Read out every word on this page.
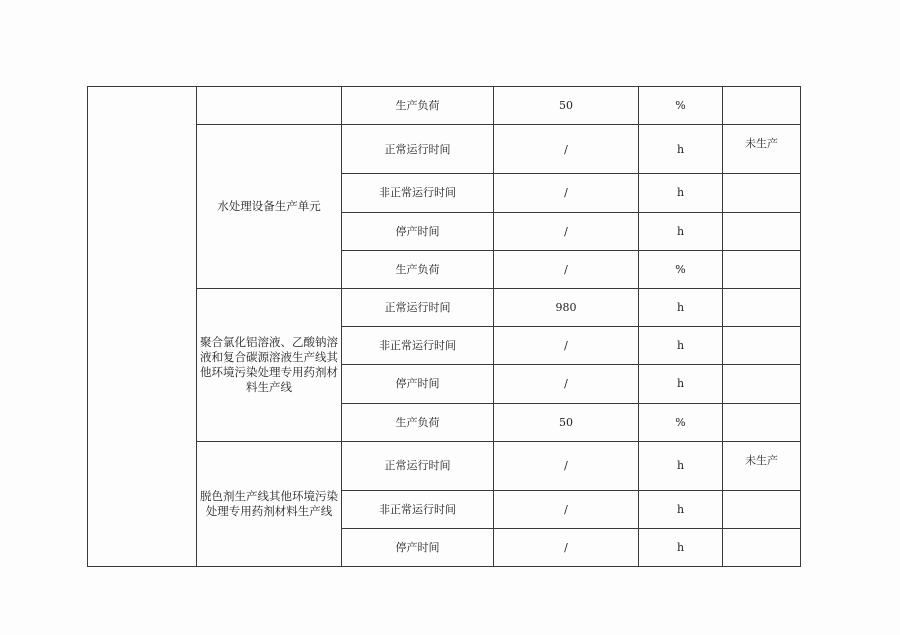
		生产负荷	50	%	
	水处理设备生产单元	正常运行时间	/	h	未生产
		非正常运行时间	/	h	
		停产时间	/	h	
		生产负荷	/	%	
	聚合氯化铝溶液、乙酸钠溶液和复合碳源溶液生产线其他环境污染处理专用药剂材料生产线	正常运行时间	980	h	
		非正常运行时间	/	h	
		停产时间	/	h	
		生产负荷	50	%	
	脱色剂生产线其他环境污染处理专用药剂材料生产线	正常运行时间	/	h	未生产
		非正常运行时间	/	h	
		停产时间	/	h	
